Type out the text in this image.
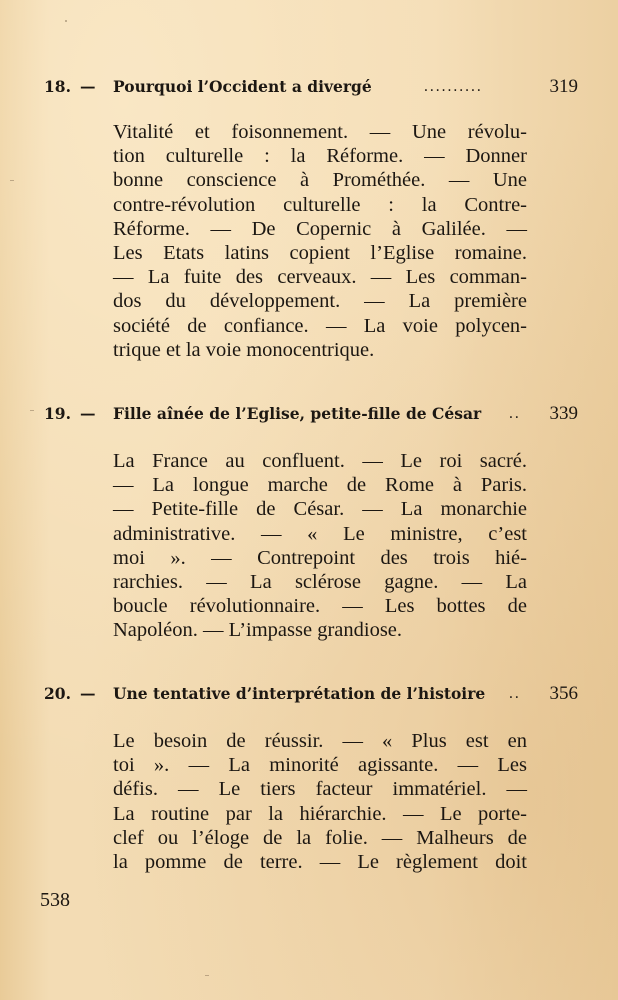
18. — Pourquoi l’Occident a divergé	..........	319
Vitalité et foisonnement. — Une révolu-
tion culturelle : la Réforme. — Donner
bonne conscience à Prométhée. — Une
contre-révolution culturelle : la Contre-
Réforme. — De Copernic à Galilée. —
Les Etats latins copient l’Eglise romaine.
— La fuite des cerveaux. — Les comman-
dos du développement. — La première
société de confiance. — La voie polycen-
trique et la voie monocentrique.
19. — Fille aînée de l’Eglise, petite-fille de César .. 339
La France au confluent. — Le roi sacré.
— La longue marche de Rome à Paris.
— Petite-fille de César. — La monarchie
administrative. — « Le ministre, c’est
moi ». — Contrepoint des trois hié-
rarchies. — La sclérose gagne. — La
boucle révolutionnaire. — Les bottes de
Napoléon. — L’impasse grandiose.
20. — Une tentative d’interprétation de l’histoire .. 356
Le besoin de réussir. — « Plus est en
toi ». — La minorité agissante. — Les
défis. — Le tiers facteur immatériel. —
La routine par la hiérarchie. — Le porte-
clef ou l’éloge de la folie. — Malheurs de
la pomme de terre. — Le règlement doit
538
